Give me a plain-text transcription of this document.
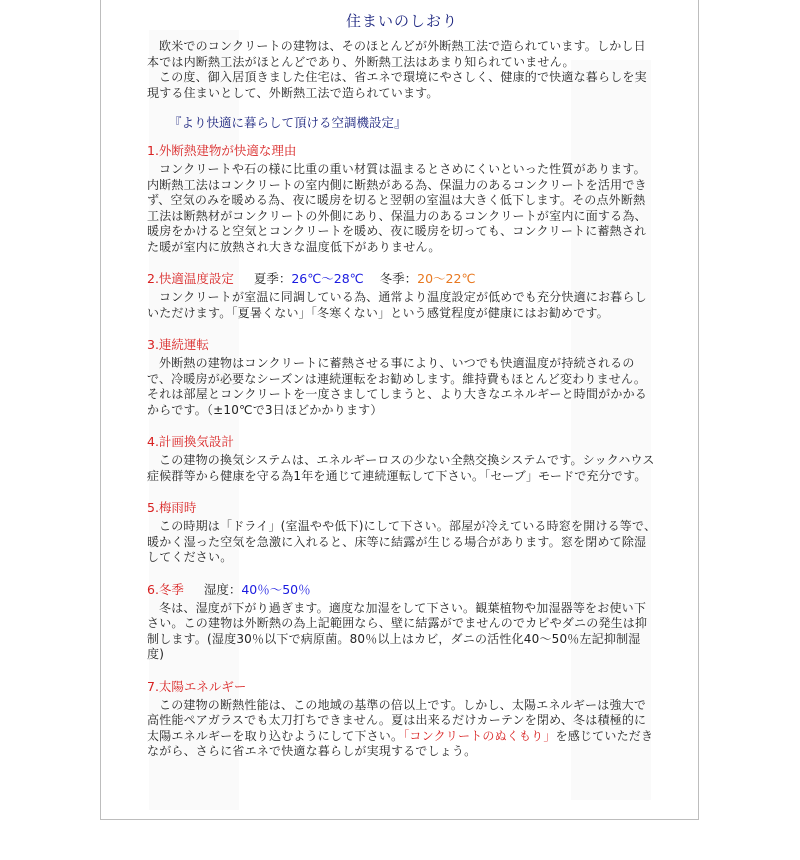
住まいのしおり

欧米でのコンクリートの建物は、そのほとんどが外断熱工法で造られています。しかし日本では内断熱工法がほとんどであり、外断熱工法はあまり知られていません。

この度、御入居頂きました住宅は、省エネで環境にやさしく、健康的で快適な暮らしを実現する住まいとして、外断熱工法で造られています。

『より快適に暮らして頂ける空調機設定』
1.外断熱建物が快適な理由

コンクリートや石の様に比重の重い材質は温まるとさめにくいといった性質があります。内断熱工法はコンクリートの室内側に断熱がある為、保温力のあるコンクリートを活用できず、空気のみを暖める為、夜に暖房を切ると翌朝の室温は大きく低下します。その点外断熱工法は断熱材がコンクリートの外側にあり、保温力のあるコンクリートが室内に面する為、暖房をかけると空気とコンクリートを暖め、夜に暖房を切っても、コンクリートに蓄熱された暖が室内に放熱され大きな温度低下がありません。

2.快適温度設定 夏季：26℃～28℃ 冬季：20～22℃

コンクリートが室温に同調している為、通常より温度設定が低めでも充分快適にお暮らしいただけます。「夏暑くない」「冬寒くない」という感覚程度が健康にはお勧めです。

3.連続運転

外断熱の建物はコンクリートに蓄熱させる事により、いつでも快適温度が持続されるので、冷暖房が必要なシーズンは連続運転をお勧めします。維持費もほとんど変わりません。それは部屋とコンクリートを一度さましてしまうと、より大きなエネルギーと時間がかかるからです。（±10℃で3日ほどかかります）

4.計画換気設計

この建物の換気システムは、エネルギーロスの少ない全熱交換システムです。シックハウス症候群等から健康を守る為1年を通じて連続運転して下さい。「セーブ」モードで充分です。

5.梅雨時

この時期は「ドライ」(室温やや低下)にして下さい。部屋が冷えている時窓を開ける等で、暖かく湿った空気を急激に入れると、床等に結露が生じる場合があります。窓を閉めて除湿してください。

6.冬季 湿度：40％～50％

冬は、湿度が下がり過ぎます。適度な加湿をして下さい。観葉植物や加湿器等をお使い下さい。この建物は外断熱の為上記範囲なら、壁に結露がでませんのでカビやダニの発生は抑制します。(湿度30％以下で病原菌。80％以上はカビ，ダニの活性化40～50％左記抑制湿度)

7.太陽エネルギー

この建物の断熱性能は、この地域の基準の倍以上です。しかし、太陽エネルギーは強大で高性能ペアガラスでも太刀打ちできません。夏は出来るだけカーテンを閉め、冬は積極的に太陽エネルギーを取り込むようにして下さい。「コンクリートのぬくもり」を感じていただきながら、さらに省エネで快適な暮らしが実現するでしょう。
